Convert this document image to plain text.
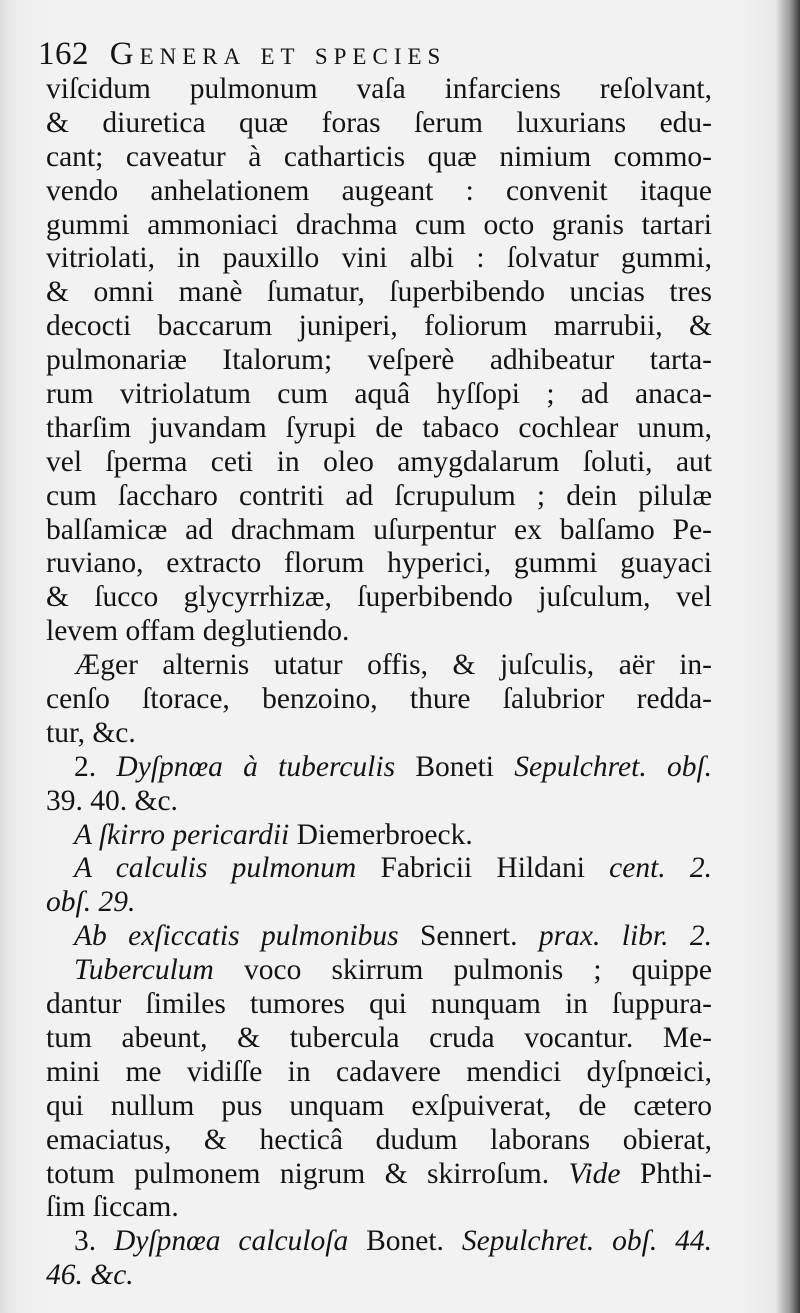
162 Genera et species
viſcidum pulmonum vaſa infarciens reſolvant,
& diuretica quæ foras ſerum luxurians edu-
cant; caveatur à catharticis quæ nimium commo-
vendo anhelationem augeant : convenit itaque
gummi ammoniaci drachma cum octo granis tartari
vitriolati, in pauxillo vini albi : ſolvatur gummi,
& omni manè ſumatur, ſuperbibendo uncias tres
decocti baccarum juniperi, foliorum marrubii, &
pulmonariæ Italorum; veſperè adhibeatur tarta-
rum vitriolatum cum aquâ hyſſopi ; ad anaca-
tharſim juvandam ſyrupi de tabaco cochlear unum,
vel ſperma ceti in oleo amygdalarum ſoluti, aut
cum ſaccharo contriti ad ſcrupulum ; dein pilulæ
balſamicæ ad drachmam uſurpentur ex balſamo Pe-
ruviano, extracto florum hyperici, gummi guayaci
& ſucco glycyrrhizæ, ſuperbibendo juſculum, vel
levem offam deglutiendo.
Æger alternis utatur offis, & juſculis, aër in-
cenſo ſtorace, benzoino, thure ſalubrior redda-
tur, &c.
2. Dyſpnœa à tuberculis Boneti Sepulchret. obſ.
39. 40. &c.
A ſkirro pericardii Diemerbroeck.
A calculis pulmonum Fabricii Hildani cent. 2.
obſ. 29.
Ab exſiccatis pulmonibus Sennert. prax. libr. 2.
Tuberculum voco skirrum pulmonis ; quippe
dantur ſimiles tumores qui nunquam in ſuppura-
tum abeunt, & tubercula cruda vocantur. Me-
mini me vidiſſe in cadavere mendici dyſpnœici,
qui nullum pus unquam exſpuiverat, de cætero
emaciatus, & hecticâ dudum laborans obierat,
totum pulmonem nigrum & skirroſum. Vide Phthi-
ſim ſiccam.
3. Dyſpnœa calculoſa Bonet. Sepulchret. obſ. 44.
46. &c.
